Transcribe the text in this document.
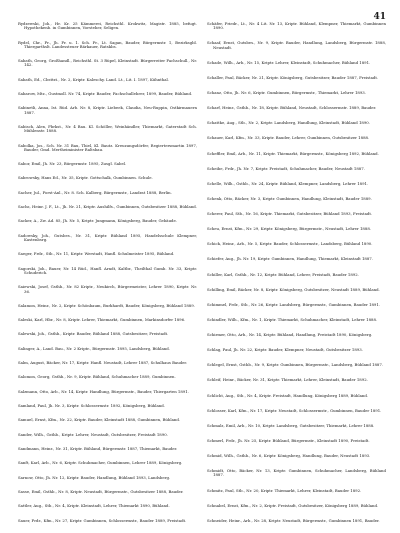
41

Rydzewski, Joh., Hr. Kr. 25 Kämmerei, Reichsthl. Krokwitz, Magistr. 1885, befugt. Hypothekenb. in Gumbinnen, Vorsteher, Seligen.

Rydel, Chr., Fr., Jh. Fr. u. 1. Sch. Fr., Lt. Sagan, Bauder, Bürgermstr. 1, Bezirksgbl. Thiergarthslt. Landessteuer Bärkauer, Ratskbs.

Sabath, Georg, Großhandl., Reichsthl. St. 3 Rüpel, Kleinstadt. Bürgerreiter Fachschull., Nr. 142.

Sabath, Ed., Cbsttzt., Nr. 2, Kriptr. Kaleschy. Land. Lt., Lit. I. 1897, Kühnthal.

Sabarow, Mtz., Gustmoll. Nr. 74, Kriptr. Bauder, Fachschullehrer, 1899, Bauder, Bühland.

Sabinetli, Anna, Ist. Rüd. Arb. Nr. 8, Kriptr. Liebeek, Claudia, Neu-Ruppin, Ostkirmauern 1887.

Sabisch, Alex, Fbrkst., Nr. 4 Bau. Kl. Schöller, Weinhändler, Thiemarkt, Gaterstadt Sch. Mühlenstr. 1888.

Sabolka, Jos., Sch. Nr. 31 Bau, Thiel, Kl. Bautz. Kreuzungsdörfer, Regiertersmartin 1897, Bauder, Gmd. Mertheiminister Raltsbau.

Sabor, Emil, Jh. Nr. 23, Bürgermstr. 1895, Zusgl. Sabel.

Sabrowsky, Hans Ed., Nr. 35, Kriptr. Gottschalk, Gumbinnen. Schule.

Sacher, Jul., Forst-Anl., Nr. 8. Sch. Kalberg, Bürgermstr., Landrat 1888, Berlin.

Sachs, Heinr. J. F., Lt., Jh. Nr. 21, Kriptr. Aushilfs., Gumbinnen, Gutsbesitzer 1888, Bühland.

Sacker, A., Zw. Ad. 85, Jh. Nr. 5, Kriptr. Jungmann, Königsberg, Bauder, Gebäude.

Sadowsky, Joh., Gutsbes., Nr. 31, Kriptr. Bühland 1895, Handelsschule Klempner, Kastenbsrg.

Saeger, Frdr., Stb., Nr. 11, Kriptr. Werstadt, Hanfl. Schulmeister 1895, Bühland.

Sagorski, Joh., Bauer, Nr. 14 Rüd., Hanfl. Arndt, Kaltbr., Theilthal Gumb. Nr. 33, Kriptr. Schuderich.

Saiewski, Josef, Gsthb., Nr. 82 Kriptr., Neukirch, Bürgermeister, Lehrer 1890, Kriptr. Nr. 36.

Salamon, Heinr., Nr. 2, Kriptr. Schönbaum, Burkhardt, Bauder, Königsberg, Bühland 1889.

Saleski, Karl, Hbr., Nr. 8, Kriptr. Lehrer, Thiemarkt, Gumbinnen, Markinsdorfer 1896.

Salewski, Joh., Gsthb., Kriptr. Bauder, Bühland 1888, Gutsbesitzer, Freistadt.

Salinger, A., Land. Bau., Nr. 2 Kriptr., Bürgermstr. 1895, Landsberg, Bühland.

Salm, August, Bäcker, Nr. 17, Kriptr. Hanfl. Neustadt, Lehrer 1887, Schulhaus Bauder.

Salomon, Georg, Gsthb., Nr. 9, Kriptr. Bühland, Schuhmacher 1889, Gumbinnen.

Salzmann, Otto, Arb., Nr. 14, Kriptr. Handlung, Bürgermstr., Bauder, Thiergarten 1891.

Samland, Paul, Jh. Nr. 3, Kriptr. Schlossermstr. 1892, Königsberg, Bühland.

Samuel, Ernst, Kfm., Nr. 22, Kriptr. Bauder, Kleinstadt 1888, Gumbinnen, Bühland.

Sander, Wilh., Gsthb., Kriptr. Lehrer, Neustadt, Gutsbesitzer, Freistadt 1890.

Sandmann, Heinr., Nr. 31, Kriptr. Bühland, Bürgermstr. 1887, Thiemarkt, Bauder.

Sanft, Karl, Arb., Nr. 6, Kriptr. Schuhmacher, Gumbinnen, Lehrer 1889, Königsberg.

Sarnow, Otto, Jh. Nr. 12, Kriptr. Bauder, Handlung, Bühland 1893, Landsberg.

Sasse, Emil, Gsthb., Nr. 8, Kriptr. Neustadt, Bürgermstr., Gutsbesitzer 1888, Bauder.

Sattler, Aug., Stb., Nr. 4, Kriptr. Kleinstadt, Lehrer, Thiemarkt 1890, Bühland.

Sauer, Frdr., Kfm., Nr. 27, Kriptr. Gumbinnen, Schlossermstr., Bauder 1889, Freistadt.

Schäfer, Friedr., Lt., Nr. 4 Lit. Nr. 13, Kriptr. Bühland, Klempner, Thiemarkt, Gumbinnen 1890.

Schaaf, Ernst, Gutsbes., Nr. 9, Kriptr. Bauder, Handlung, Landsberg, Bürgermstr. 1888, Neustadt.

Schade, Wilh., Arb., Nr. 15, Kriptr. Lehrer, Kleinstadt, Schuhmacher, Bühland 1891.

Schaller, Paul, Bäcker, Nr. 21, Kriptr. Königsberg, Gutsbesitzer, Bauder 1887, Freistadt.

Schanz, Otto, Jh. Nr. 6, Kriptr. Gumbinnen, Bürgermstr., Thiemarkt, Lehrer 1893.

Scharf, Heinr., Gsthb., Nr. 18, Kriptr. Bühland, Neustadt, Schlossermstr. 1889, Bauder.

Schattke, Aug., Stb., Nr. 2, Kriptr. Landsberg, Handlung, Kleinstadt, Bühland 1890.

Schauer, Karl, Kfm., Nr. 33, Kriptr. Bauder, Lehrer, Gumbinnen, Gutsbesitzer 1888.

Scheffler, Emil, Arb., Nr. 11, Kriptr. Thiemarkt, Bürgermstr., Königsberg 1892, Bühland.

Scheibe, Frdr., Jh. Nr. 7, Kriptr. Freistadt, Schuhmacher, Bauder, Neustadt 1887.

Schelle, Wilh., Gsthb., Nr. 24, Kriptr. Bühland, Klempner, Landsberg, Lehrer 1891.

Schenk, Otto, Bäcker, Nr. 3, Kriptr. Gumbinnen, Handlung, Kleinstadt, Bauder 1889.

Scherer, Paul, Stb., Nr. 16, Kriptr. Thiemarkt, Gutsbesitzer, Bühland 1893, Freistadt.

Scheu, Ernst, Kfm., Nr. 29, Kriptr. Königsberg, Bürgermstr., Neustadt, Lehrer 1888.

Schick, Heinr., Arb., Nr. 5, Kriptr. Bauder, Schlossermstr., Landsberg, Bühland 1890.

Schiefer, Aug., Jh. Nr. 19, Kriptr. Gumbinnen, Handlung, Thiemarkt, Kleinstadt 1887.

Schiller, Karl, Gsthb., Nr. 12, Kriptr. Bühland, Lehrer, Freistadt, Bauder 1892.

Schilling, Emil, Bäcker, Nr. 8, Kriptr. Königsberg, Gutsbesitzer, Neustadt 1889, Bühland.

Schimmel, Frdr., Stb., Nr. 26, Kriptr. Landsberg, Bürgermstr., Gumbinnen, Bauder 1891.

Schindler, Wilh., Kfm., Nr. 1, Kriptr. Thiemarkt, Schuhmacher, Kleinstadt, Lehrer 1888.

Schirmer, Otto, Arb., Nr. 14, Kriptr. Bühland, Handlung, Freistadt 1890, Königsberg.

Schlag, Paul, Jh. Nr. 22, Kriptr. Bauder, Klempner, Neustadt, Gutsbesitzer 1893.

Schlegel, Ernst, Gsthb., Nr. 9, Kriptr. Gumbinnen, Bürgermstr., Landsberg, Bühland 1887.

Schleif, Heinr., Bäcker, Nr. 31, Kriptr. Thiemarkt, Lehrer, Kleinstadt, Bauder 1892.

Schlicht, Aug., Stb., Nr. 4, Kriptr. Freistadt, Handlung, Königsberg 1889, Bühland.

Schlosser, Karl, Kfm., Nr. 17, Kriptr. Neustadt, Schlossermstr., Gumbinnen, Bauder 1891.

Schmalz, Emil, Arb., Nr. 10, Kriptr. Landsberg, Gutsbesitzer, Thiemarkt, Lehrer 1888.

Schmerl, Frdr., Jh. Nr. 25, Kriptr. Bühland, Bürgermstr., Kleinstadt 1890, Freistadt.

Schmid, Wilh., Gsthb., Nr. 6, Kriptr. Königsberg, Handlung, Bauder, Neustadt 1893.

Schmidt, Otto, Bäcker, Nr. 13, Kriptr. Gumbinnen, Schuhmacher, Landsberg, Bühland 1887.

Schmitz, Paul, Stb., Nr. 20, Kriptr. Thiemarkt, Lehrer, Kleinstadt, Bauder 1892.

Schnabel, Ernst, Kfm., Nr. 2, Kriptr. Freistadt, Gutsbesitzer, Königsberg 1889, Bühland.

Schneider, Heinr., Arb., Nr. 28, Kriptr. Neustadt, Bürgermstr., Gumbinnen 1891, Bauder.
